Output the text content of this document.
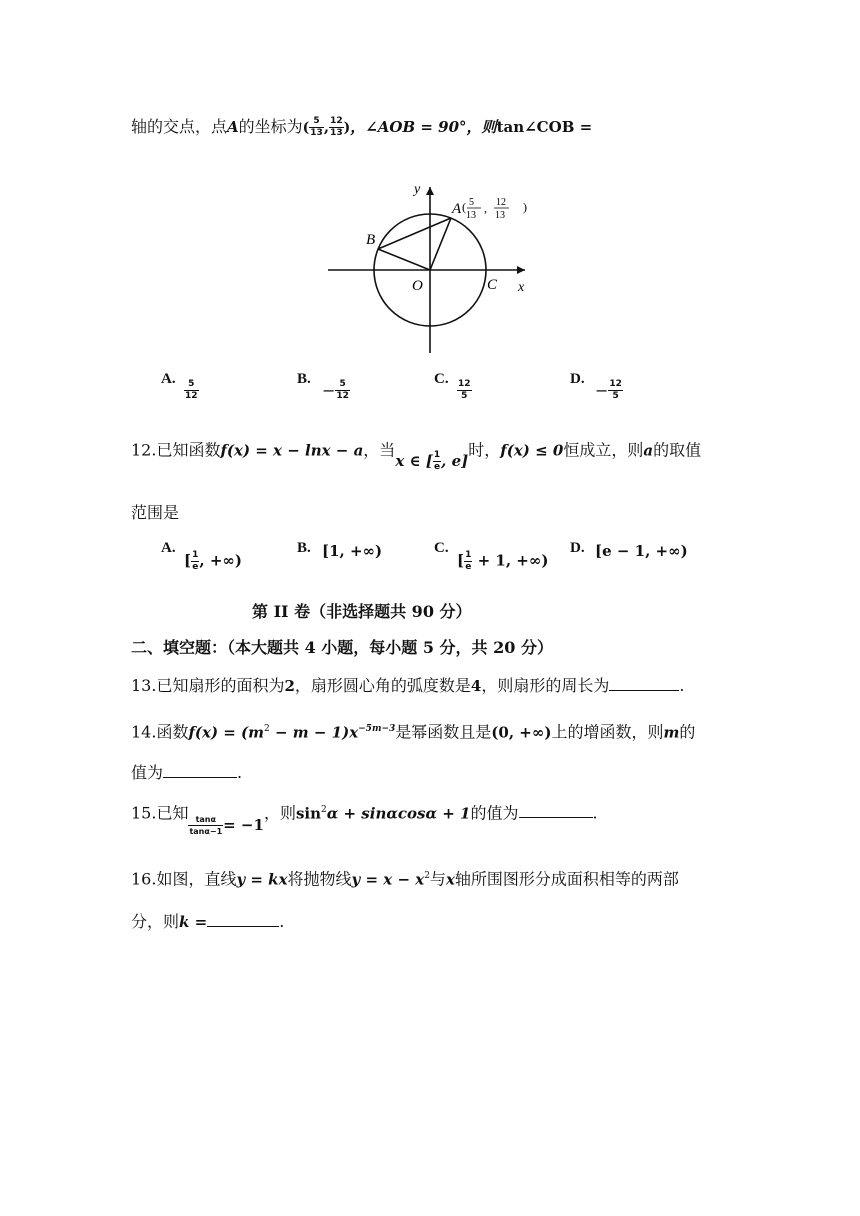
轴的交点，点A的坐标为( $\frac{5}{13}$ , $\frac{12}{13}$ )，∠AOB = 90°，则tan∠COB =
y
x
O	C
B
A ( 5
13
, 12
13
)
A. $\frac{5}{12}$	B.
− $\frac{5}{12}$	C. $\frac{12}{5}$	D.
− $\frac{12}{5}$
12.已知函数f(x) = x − lnx − a，当x ∈ [ $\frac{1}{e}$ , e]时，f(x) ≤ 0恒成立，则a的取值
范围是
A.
[ $\frac{1}{e}$ , +∞)
B. [1, +∞)	C.
[ $\frac{1}{e} + 1$, +∞)
D. [e − 1, +∞)
第 II 卷（非选择题共 90 分）
二、填空题：（本大题共 4 小题，每小题 5 分，共 20 分）
13.已知扇形的面积为2，扇形圆心角的弧度数是4，则扇形的周长为	.
14.函数$f(x) = (m^2 - m - 1)x^{-5m-3}$是幂函数且是(0, +∞)上的增函数，则m的
值为	.
15.已知
$\frac{\tan\alpha}{\tan\alpha-1} = -1$，则$\sin^2\alpha + \sin\alpha\cos\alpha + 1$的值为	.
16.如图，直线y = kx将抛物线$y = x - x^2$与x轴所围图形分成面积相等的两部
分，则k =	.
